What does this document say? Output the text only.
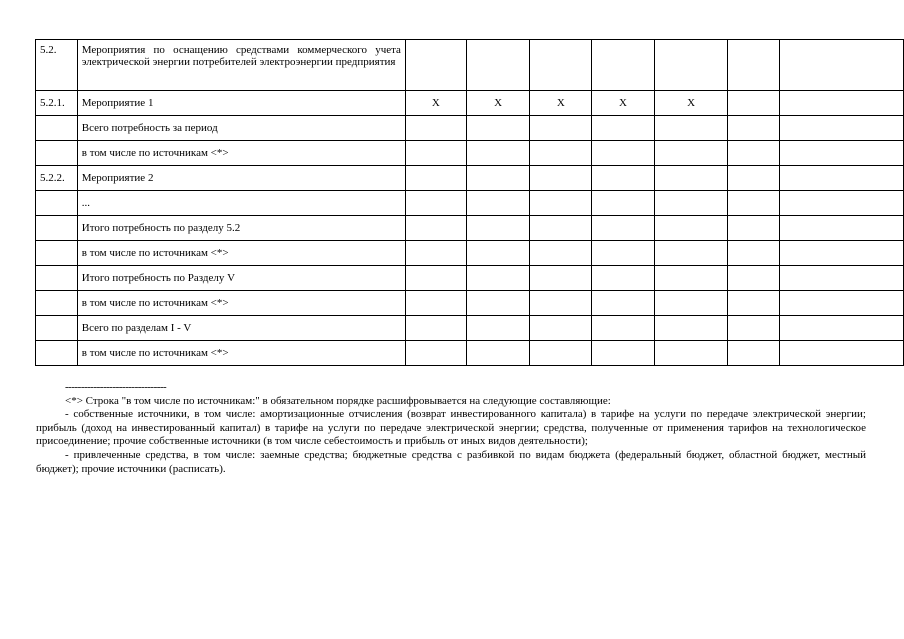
5.2.	Мероприятия по оснащению средствами коммерческого учета электрической энергии потребителей электроэнергии предприятия							
5.2.1.	Мероприятие 1	X	X	X	X	X		
	Всего потребность за период							
	в том числе по источникам <*>							
5.2.2.	Мероприятие 2							
	...							
	Итого потребность по разделу 5.2							
	в том числе по источникам <*>							
	Итого потребность по Разделу V							
	в том числе по источникам <*>							
	Всего по разделам I - V							
	в том числе по источникам <*>							

--------------------------------

<*> Строка "в том числе по источникам:" в обязательном порядке расшифровывается на следующие составляющие:

- собственные источники, в том числе: амортизационные отчисления (возврат инвестированного капитала) в тарифе на услуги по передаче электрической энергии; прибыль (доход на инвестированный капитал) в тарифе на услуги по передаче электрической энергии; средства, полученные от применения тарифов на технологическое присоединение; прочие собственные источники (в том числе себестоимость и прибыль от иных видов деятельности);

- привлеченные средства, в том числе: заемные средства; бюджетные средства с разбивкой по видам бюджета (федеральный бюджет, областной бюджет, местный бюджет); прочие источники (расписать).
